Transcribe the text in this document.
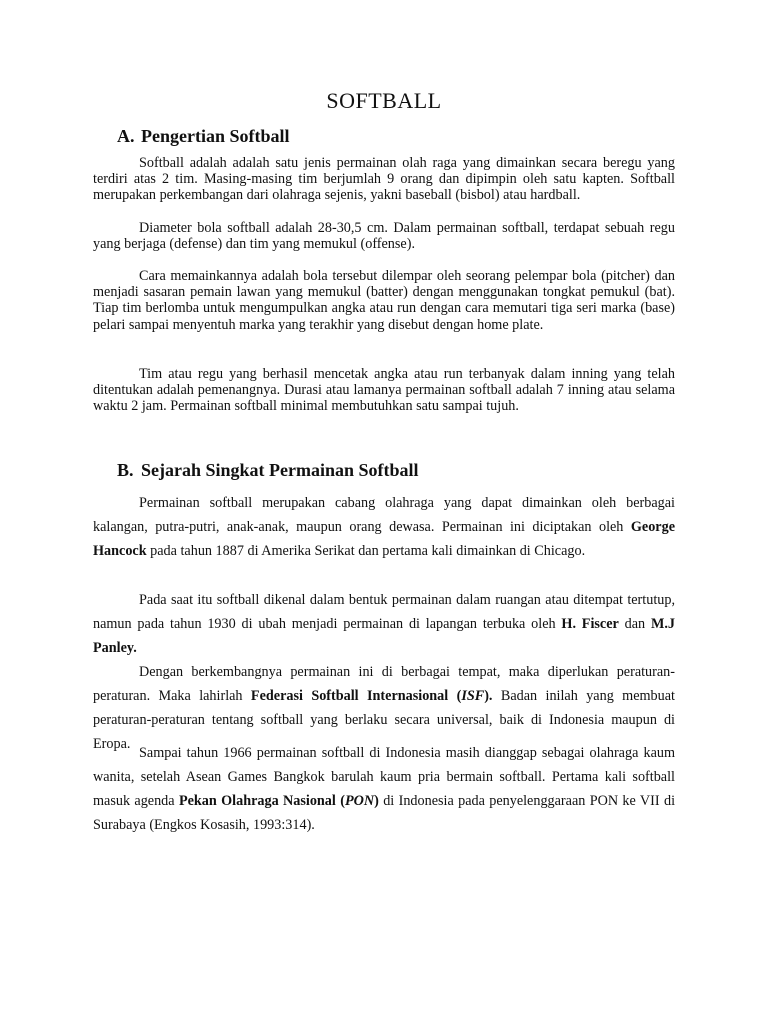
SOFTBALL
A. Pengertian Softball

Softball adalah adalah satu jenis permainan olah raga yang dimainkan secara beregu yang terdiri atas 2 tim. Masing-masing tim berjumlah 9 orang dan dipimpin oleh satu kapten. Softball merupakan perkembangan dari olahraga sejenis, yakni baseball (bisbol) atau hardball.

Diameter bola softball adalah 28-30,5 cm. Dalam permainan softball, terdapat sebuah regu yang berjaga (defense) dan tim yang memukul (offense).

Cara memainkannya adalah bola tersebut dilempar oleh seorang pelempar bola (pitcher) dan menjadi sasaran pemain lawan yang memukul (batter) dengan menggunakan tongkat pemukul (bat). Tiap tim berlomba untuk mengumpulkan angka atau run dengan cara memutari tiga seri marka (base) pelari sampai menyentuh marka yang terakhir yang disebut dengan home plate.

Tim atau regu yang berhasil mencetak angka atau run terbanyak dalam inning yang telah ditentukan adalah pemenangnya. Durasi atau lamanya permainan softball adalah 7 inning atau selama waktu 2 jam. Permainan softball minimal membutuhkan satu sampai tujuh.

B. Sejarah Singkat Permainan Softball

Permainan softball merupakan cabang olahraga yang dapat dimainkan oleh berbagai kalangan, putra-putri, anak-anak, maupun orang dewasa. Permainan ini diciptakan oleh George Hancock pada tahun 1887 di Amerika Serikat dan pertama kali dimainkan di Chicago.

Pada saat itu softball dikenal dalam bentuk permainan dalam ruangan atau ditempat tertutup, namun pada tahun 1930 di ubah menjadi permainan di lapangan terbuka oleh H. Fiscer dan M.J Panley.

Dengan berkembangnya permainan ini di berbagai tempat, maka diperlukan peraturan-peraturan. Maka lahirlah Federasi Softball Internasional (ISF). Badan inilah yang membuat peraturan-peraturan tentang softball yang berlaku secara universal, baik di Indonesia maupun di Eropa.

Sampai tahun 1966 permainan softball di Indonesia masih dianggap sebagai olahraga kaum wanita, setelah Asean Games Bangkok barulah kaum pria bermain softball. Pertama kali softball masuk agenda Pekan Olahraga Nasional (PON) di Indonesia pada penyelenggaraan PON ke VII di Surabaya (Engkos Kosasih, 1993:314).
